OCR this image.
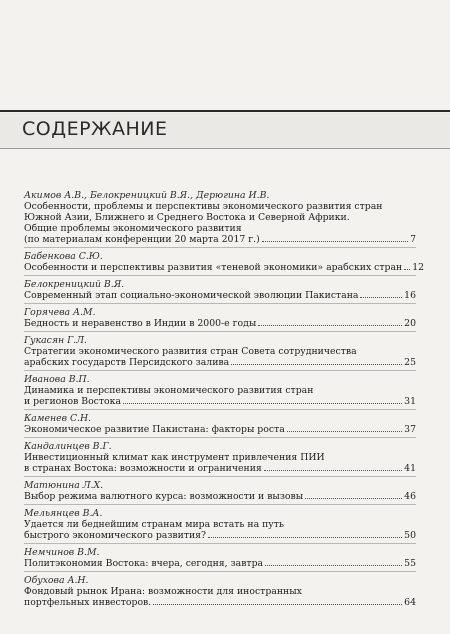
СОДЕРЖАНИЕ
Акимов А.В., Белокреницкий В.Я., Дерюгина И.В.
Особенности, проблемы и перспективы экономического развития стран
Южной Азии, Ближнего и Среднего Востока и Северной Африки.
Общие проблемы экономического развития
(по материалам конференции 20 марта 2017 г.)	7
Бабенкова С.Ю.
Особенности и перспективы развития «теневой экономики» арабских стран 12
Белокреницкий В.Я.
Современный этап социально-экономической эволюции Пакистана	16
Горячева А.М.
Бедность и неравенство в Индии в 2000-е годы	20
Гукасян Г.Л.
Стратегии экономического развития стран Совета сотрудничества
арабских государств Персидского залива	25
Иванова В.П.
Динамика и перспективы экономического развития стран
и регионов Востока	31
Каменев С.Н.
Экономическое развитие Пакистана: факторы роста	37
Кандалинцев В.Г.
Инвестиционный климат как инструмент привлечения ПИИ
в странах Востока: возможности и ограничения	41
Матюнина Л.Х.
Выбор режима валютного курса: возможности и вызовы	46
Мельянцев В.А.
Удается ли беднейшим странам мира встать на путь
быстрого экономического развития?	50
Немчинов В.М.
Политэкономия Востока: вчера, сегодня, завтра	55
Обухова А.Н.
Фондовый рынок Ирана: возможности для иностранных
портфельных инвесторов.	64
